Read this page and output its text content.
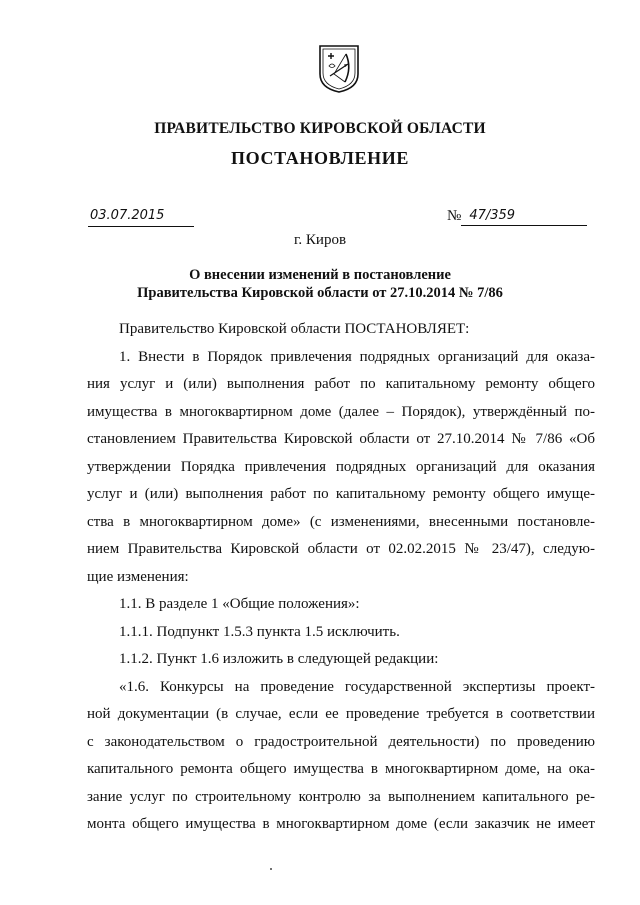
ПРАВИТЕЛЬСТВО КИРОВСКОЙ ОБЛАСТИ
ПОСТАНОВЛЕНИЕ
03.07.2015	№ 47/359
г. Киров
О внесении изменений в постановление
Правительства Кировской области от 27.10.2014 № 7/86
Правительство Кировской области ПОСТАНОВЛЯЕТ:
1. Внести в Порядок привлечения подрядных организаций для оказа-
ния услуг и (или) выполнения работ по капитальному ремонту общего
имущества в многоквартирном доме (далее – Порядок), утверждённый по-
становлением Правительства Кировской области от 27.10.2014 № 7/86 «Об
утверждении Порядка привлечения подрядных организаций для оказания
услуг и (или) выполнения работ по капитальному ремонту общего имуще-
ства в многоквартирном доме» (с изменениями, внесенными постановле-
нием Правительства Кировской области от 02.02.2015 № 23/47), следую-
щие изменения:
1.1. В разделе 1 «Общие положения»:
1.1.1. Подпункт 1.5.3 пункта 1.5 исключить.
1.1.2. Пункт 1.6 изложить в следующей редакции:
«1.6. Конкурсы на проведение государственной экспертизы проект-
ной документации (в случае, если ее проведение требуется в соответствии
с законодательством о градостроительной деятельности) по проведению
капитального ремонта общего имущества в многоквартирном доме, на ока-
зание услуг по строительному контролю за выполнением капитального ре-
монта общего имущества в многоквартирном доме (если заказчик не имеет
